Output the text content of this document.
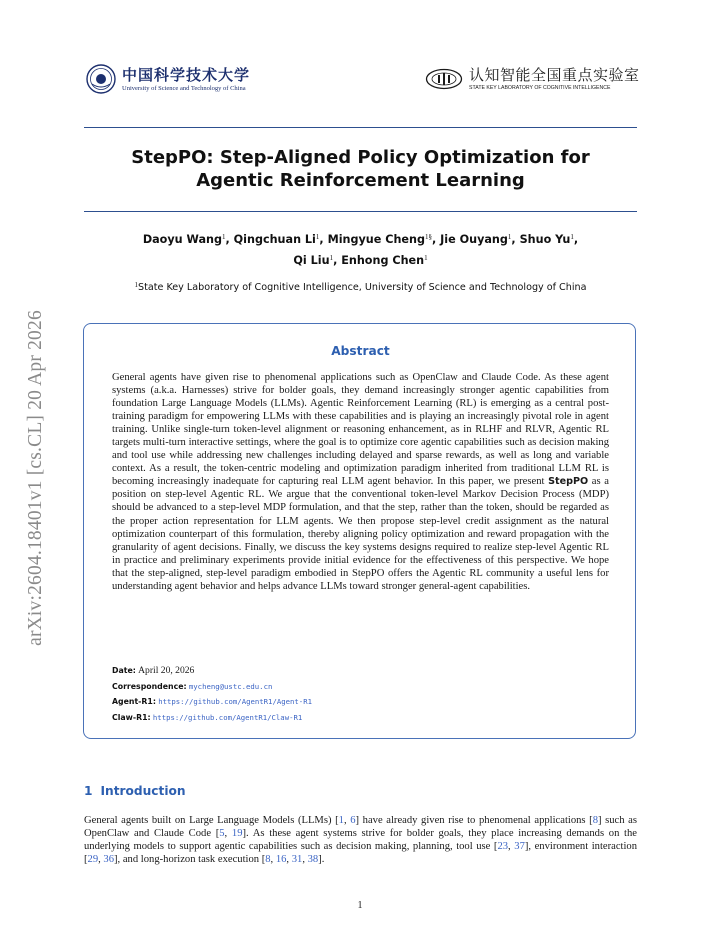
中国科学技术大学
University of Science and Technology of China
认知智能全国重点实验室
STATE KEY LABORATORY OF COGNITIVE INTELLIGENCE
arXiv:2604.18401v1 [cs.CL] 20 Apr 2026
StepPO: Step-Aligned Policy Optimization for
Agentic Reinforcement Learning

Daoyu Wang$^1$, Qingchuan Li$^1$, Mingyue Cheng$^{1\S}$, Jie Ouyang$^1$, Shuo Yu$^1$,
Qi Liu$^1$, Enhong Chen$^1$

$^1$State Key Laboratory of Cognitive Intelligence, University of Science and Technology of China

Abstract

General agents have given rise to phenomenal applications such as OpenClaw and Claude Code. As these agent systems (a.k.a. Harnesses) strive for bolder goals, they demand increasingly stronger agentic capabilities from foundation Large Language Models (LLMs). Agentic Reinforcement Learning (RL) is emerging as a central post-training paradigm for empowering LLMs with these capabilities and is playing an increasingly pivotal role in agent training. Unlike single-turn token-level alignment or reasoning enhancement, as in RLHF and RLVR, Agentic RL targets multi-turn interactive settings, where the goal is to optimize core agentic capabilities such as decision making and tool use while addressing new challenges including delayed and sparse rewards, as well as long and variable context. As a result, the token-centric modeling and optimization paradigm inherited from traditional LLM RL is becoming increasingly inadequate for capturing real LLM agent behavior. In this paper, we present StepPO as a position on step-level Agentic RL. We argue that the conventional token-level Markov Decision Process (MDP) should be advanced to a step-level MDP formulation, and that the step, rather than the token, should be regarded as the proper action representation for LLM agents. We then propose step-level credit assignment as the natural optimization counterpart of this formulation, thereby aligning policy optimization and reward propagation with the granularity of agent decisions. Finally, we discuss the key systems designs required to realize step-level Agentic RL in practice and preliminary experiments provide initial evidence for the effectiveness of this perspective. We hope that the step-aligned, step-level paradigm embodied in StepPO offers the Agentic RL community a useful lens for understanding agent behavior and helps advance LLMs toward stronger general-agent capabilities.

Date: April 20, 2026
Correspondence: mycheng@ustc.edu.cn
Agent-R1: https://github.com/AgentR1/Agent-R1
Claw-R1: https://github.com/AgentR1/Claw-R1
1 Introduction

General agents built on Large Language Models (LLMs) [1, 6] have already given rise to phenomenal applications [8] such as OpenClaw and Claude Code [5, 19]. As these agent systems strive for bolder goals, they place increasing demands on the underlying models to support agentic capabilities such as decision making, planning, tool use [23, 37], environment interaction [29, 36], and long-horizon task execution [8, 16, 31, 38].

1
